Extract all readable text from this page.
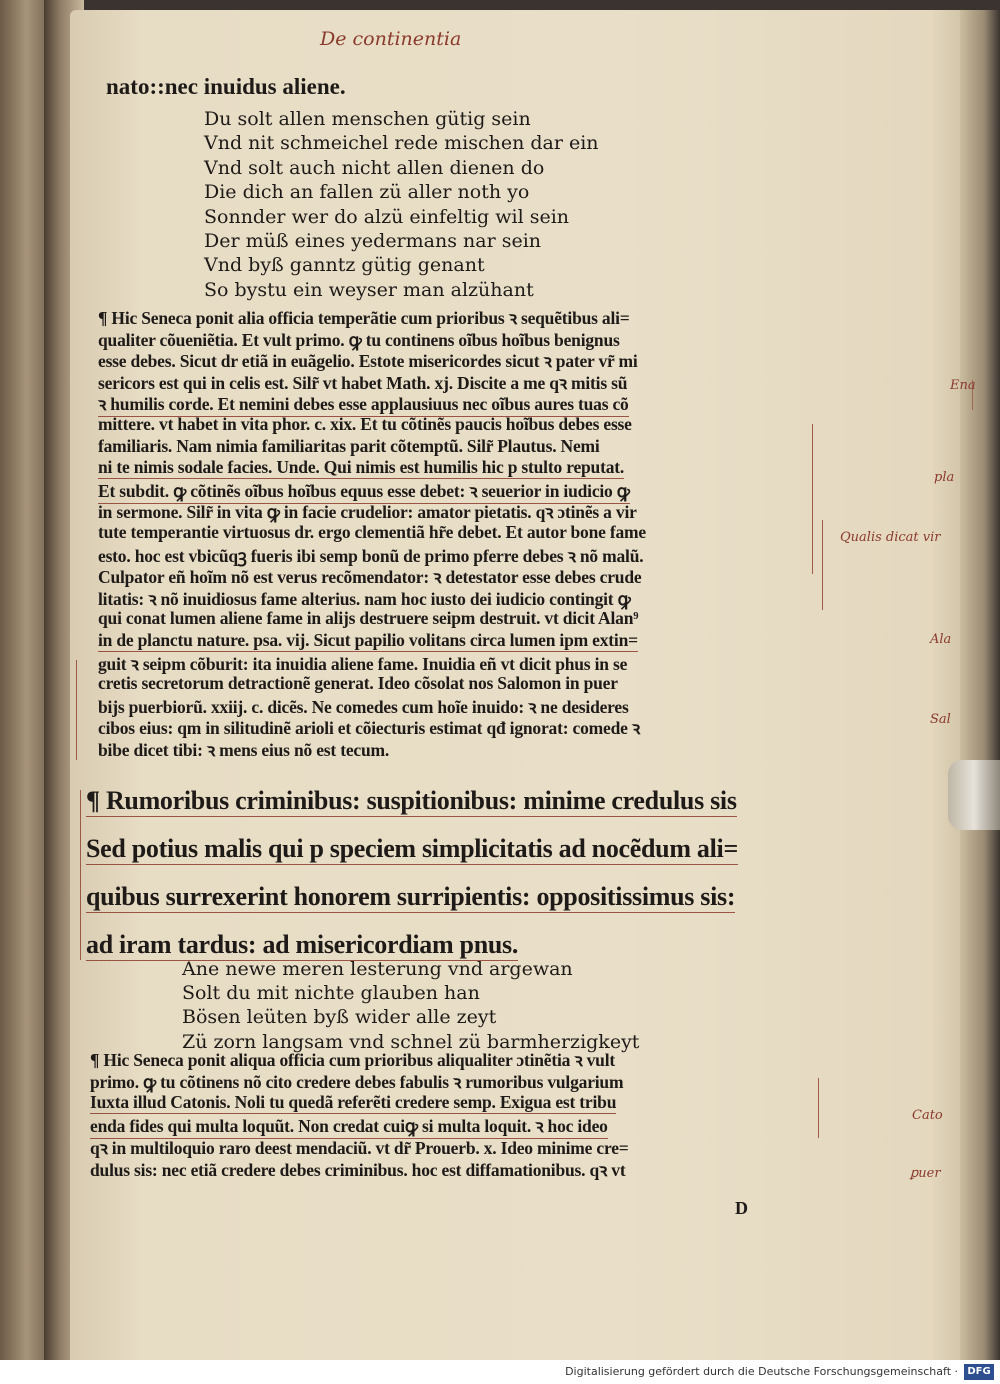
De continentia
nato::nec inuidus aliene.
Du solt allen menschen gütig sein
Vnd nit schmeichel rede mischen dar ein
Vnd solt auch nicht allen dienen do
Die dich an fallen zü aller noth yo
Sonnder wer do alzü einfeltig wil sein
Der müß eines yedermans nar sein
Vnd byß ganntz gütig genant
So bystu ein weyser man alzühant
¶ Hic Seneca ponit alia officia temperãtie cum prioribus ꝛ sequẽtibus ali=
qualiter cõueniẽtia. Et vult primo. ꝙ tu continens oĩbus hoĩbus benignus
esse debes. Sicut dr etiã in euãgelio. Estote misericordes sicut ꝛ pater vr̃ mi
sericors est qui in celis est. Silr̃ vt habet Math. xj. Discite a me qꝛ mitis sũ
ꝛ humilis corde. Et nemini debes esse applausiuus nec oĩbus aures tuas cõ
mittere. vt habet in vita phor. c. xix. Et tu cõtinẽs paucis hoĩbus debes esse
familiaris. Nam nimia familiaritas parit cõtemptũ. Silr̃ Plautus. Nemi
ni te nimis sodale facies. Unde. Qui nimis est humilis hic p stulto reputat.
Et subdit. ꝙ cõtinẽs oĩbus hoĩbus equus esse debet: ꝛ seuerior in iudicio ꝙ
in sermone. Silr̃ in vita ꝙ in facie crudelior: amator pietatis. qꝛ ɔtinẽs a vir
tute temperantie virtuosus dr. ergo clementiã hr̃e debet. Et autor bone fame
esto. hoc est vbicũqꝫ fueris ibi semp bonũ de primo pferre debes ꝛ nõ malũ.
Culpator eñ hoĩm nõ est verus recõmendator: ꝛ detestator esse debes crude
litatis: ꝛ nõ inuidiosus fame alterius. nam hoc iusto dei iudicio contingit ꝙ
qui conat lumen aliene fame in alijs destruere seipm destruit. vt dicit Alan⁹
in de planctu nature. psa. vij. Sicut papilio volitans circa lumen ipm extin=
guit ꝛ seipm cõburit: ita inuidia aliene fame. Inuidia eñ vt dicit phus in se
cretis secretorum detractionẽ generat. Ideo cõsolat nos Salomon in puer
bijs puerbiorũ. xxiij. c. dicẽs. Ne comedes cum hoĩe inuido: ꝛ ne desideres
cibos eius: qm in silitudinẽ arioli et cõiecturis estimat qđ ignorat: comede ꝛ
bibe dicet tibi: ꝛ mens eius nõ est tecum.
¶ Rumoribus criminibus: suspitionibus: minime credulus sis
Sed potius malis qui p speciem simplicitatis ad nocẽdum ali=
quibus surrexerint honorem surripientis: oppositissimus sis:
ad iram tardus: ad misericordiam pnus.
Ane newe meren lesterung vnd argewan
Solt du mit nichte glauben han
Bösen leüten byß wider alle zeyt
Zü zorn langsam vnd schnel zü barmherzigkeyt
¶ Hic Seneca ponit aliqua officia cum prioribus aliqualiter ɔtinẽtia ꝛ vult
primo. ꝙ tu cõtinens nõ cito credere debes fabulis ꝛ rumoribus vulgarium
Iuxta illud Catonis. Noli tu quedã referẽti credere semp. Exigua est tribu
enda fides qui multa loquũt. Non credat cuiꝙ si multa loquit. ꝛ hoc ideo
qꝛ in multiloquio raro deest mendaciũ. vt dr̃ Prouerb. x. Ideo minime cre=
dulus sis: nec etiã credere debes criminibus. hoc est diffamationibus. qꝛ vt
Ena
pla
Qualis dicat vir
Ala
Sal
Cato
ꝑuer
D
Digitalisierung gefördert durch die Deutsche Forschungsgemeinschaft · DFG
